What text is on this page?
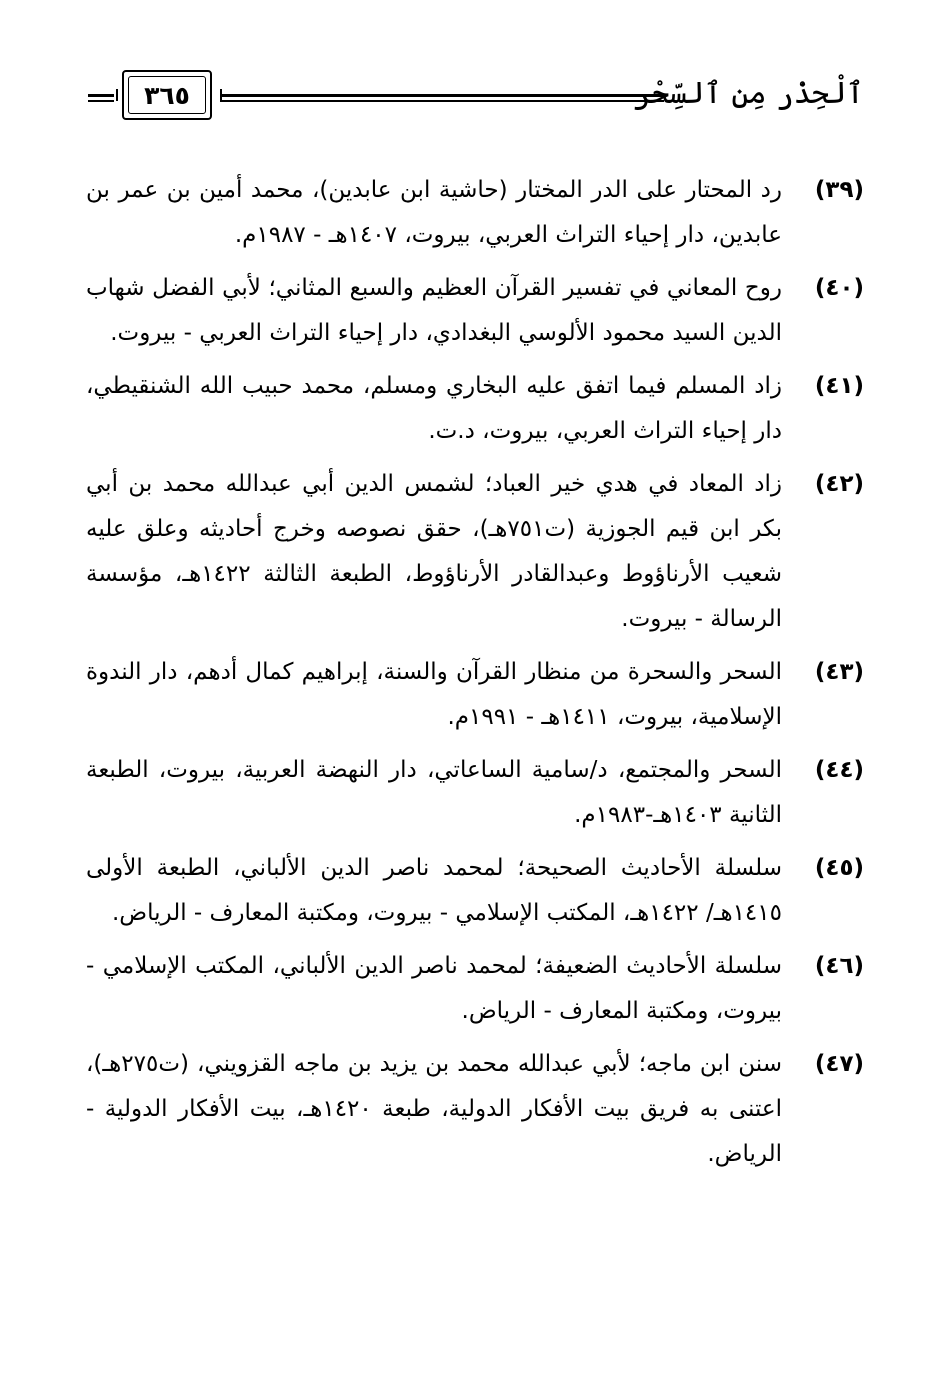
ٱلْحِذْر مِن ٱلسِّحْر
٣٦٥
(٣٩)
رد المحتار على الدر المختار (حاشية ابن عابدين)، محمد أمين بن عمر بن عابدين، دار إحياء التراث العربي، بيروت، ١٤٠٧هـ - ١٩٨٧م.
(٤٠)
روح المعاني في تفسير القرآن العظيم والسبع المثاني؛ لأبي الفضل شهاب الدين السيد محمود الألوسي البغدادي، دار إحياء التراث العربي - بيروت.
(٤١)
زاد المسلم فيما اتفق عليه البخاري ومسلم، محمد حبيب الله الشنقيطي، دار إحياء التراث العربي، بيروت، د.ت.
(٤٢)
زاد المعاد في هدي خير العباد؛ لشمس الدين أبي عبدالله محمد بن أبي بكر ابن قيم الجوزية (ت٧٥١هـ)، حقق نصوصه وخرج أحاديثه وعلق عليه شعيب الأرناؤوط وعبدالقادر الأرناؤوط، الطبعة الثالثة ١٤٢٢هـ، مؤسسة الرسالة - بيروت.
(٤٣)
السحر والسحرة من منظار القرآن والسنة، إبراهيم كمال أدهم، دار الندوة الإسلامية، بيروت، ١٤١١هـ - ١٩٩١م.
(٤٤)
السحر والمجتمع، د/سامية الساعاتي، دار النهضة العربية، بيروت، الطبعة الثانية ١٤٠٣هـ-١٩٨٣م.
(٤٥)
سلسلة الأحاديث الصحيحة؛ لمحمد ناصر الدين الألباني، الطبعة الأولى ١٤١٥هـ/ ١٤٢٢هـ، المكتب الإسلامي - بيروت، ومكتبة المعارف - الرياض.
(٤٦)
سلسلة الأحاديث الضعيفة؛ لمحمد ناصر الدين الألباني، المكتب الإسلامي - بيروت، ومكتبة المعارف - الرياض.
(٤٧)
سنن ابن ماجه؛ لأبي عبدالله محمد بن يزيد بن ماجه القزويني، (ت٢٧٥هـ)، اعتنى به فريق بيت الأفكار الدولية، طبعة ١٤٢٠هـ، بيت الأفكار الدولية - الرياض.
